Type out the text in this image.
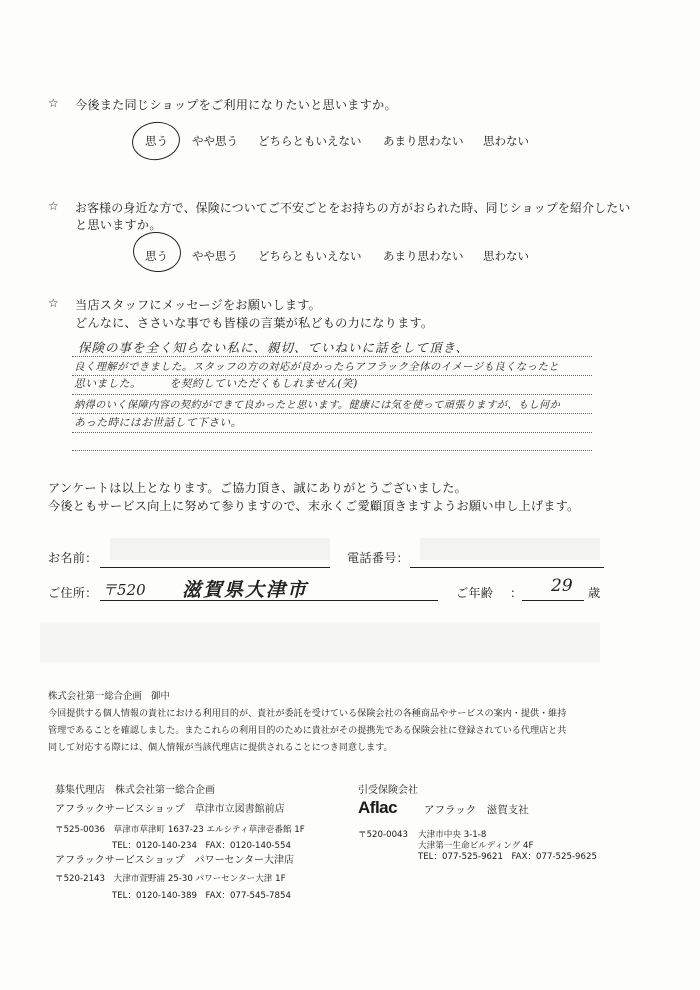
☆ 今後また同じショップをご利用になりたいと思いますか。
思う やや思う どちらともいえない あまり思わない 思わない
☆ お客様の身近な方で、保険についてご不安ごとをお持ちの方がおられた時、同じショップを紹介したい
と思いますか。
思う やや思う どちらともいえない あまり思わない 思わない
☆ 当店スタッフにメッセージをお願いします。
どんなに、ささいな事でも皆様の言葉が私どもの力になります。
保険の事を全く知らない私に、親切、ていねいに話をして頂き、
良く理解ができました。スタッフの方の対応が良かったらアフラック全体のイメージも良くなったと
思いました。　　　を契約していただくもしれません(笑)
納得のいく保障内容の契約ができて良かったと思います。健康には気を使って頑張りますが、もし何か
あった時にはお世話して下さい。
アンケートは以上となります。ご協力頂き、誠にありがとうございました。
今後ともサービス向上に努めて参りますので、末永くご愛顧頂きますようお願い申し上げます。
お名前：	電話番号：
ご住所： 〒520 滋賀県大津市	ご年齢 ： 29 歳
株式会社第一総合企画　御中
今回提供する個人情報の貴社における利用目的が、貴社が委託を受けている保険会社の各種商品やサービスの案内・提供・維持
管理であることを確認しました。またこれらの利用目的のために貴社がその提携先である保険会社に登録されている代理店と共
同して対応する際には、個人情報が当該代理店に提供されることにつき同意します。
募集代理店　株式会社第一総合企画
アフラックサービスショップ　草津市立図書館前店
〒525-0036　草津市草津町 1637-23 エルシティ草津壱番館 1F
TEL：0120-140-234　FAX：0120-140-554
アフラックサービスショップ　パワーセンター大津店
〒520-2143　大津市萱野浦 25-30 パワーセンター大津 1F
TEL：0120-140-389　FAX：077-545-7854
引受保険会社
Aflac	アフラック　滋賀支社
〒520-0043 大津市中央 3-1-8
大津第一生命ビルディング 4F
TEL：077-525-9621　FAX：077-525-9625
